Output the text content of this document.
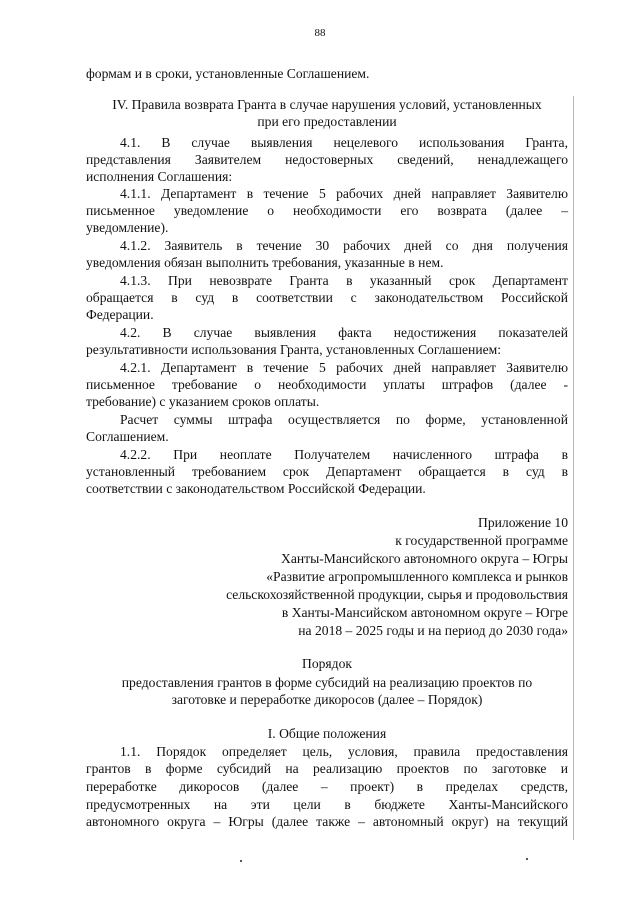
88
формам и в сроки, установленные Соглашением.
IV. Правила возврата Гранта в случае нарушения условий, установленных
при его предоставлении
4.1. В случае выявления нецелевого использования Гранта,
представления Заявителем недостоверных сведений, ненадлежащего
исполнения Соглашения:
4.1.1. Департамент в течение 5 рабочих дней направляет Заявителю
письменное уведомление о необходимости его возврата (далее –
уведомление).
4.1.2. Заявитель в течение 30 рабочих дней со дня получения
уведомления обязан выполнить требования, указанные в нем.
4.1.3. При невозврате Гранта в указанный срок Департамент
обращается в суд в соответствии с законодательством Российской
Федерации.
4.2. В случае выявления факта недостижения показателей
результативности использования Гранта, установленных Соглашением:
4.2.1. Департамент в течение 5 рабочих дней направляет Заявителю
письменное требование о необходимости уплаты штрафов (далее -
требование) с указанием сроков оплаты.
Расчет суммы штрафа осуществляется по форме, установленной
Соглашением.
4.2.2. При неоплате Получателем начисленного штрафа в
установленный требованием срок Департамент обращается в суд в
соответствии с законодательством Российской Федерации.
Приложение 10
к государственной программе
Ханты-Мансийского автономного округа – Югры
«Развитие агропромышленного комплекса и рынков
сельскохозяйственной продукции, сырья и продовольствия
в Ханты-Мансийском автономном округе – Югре
на 2018 – 2025 годы и на период до 2030 года»
Порядок
предоставления грантов в форме субсидий на реализацию проектов по
заготовке и переработке дикоросов (далее – Порядок)
I. Общие положения
1.1. Порядок определяет цель, условия, правила предоставления
грантов в форме субсидий на реализацию проектов по заготовке и
переработке дикоросов (далее – проект) в пределах средств,
предусмотренных на эти цели в бюджете Ханты-Мансийского
автономного округа – Югры (далее также – автономный округ) на текущий
